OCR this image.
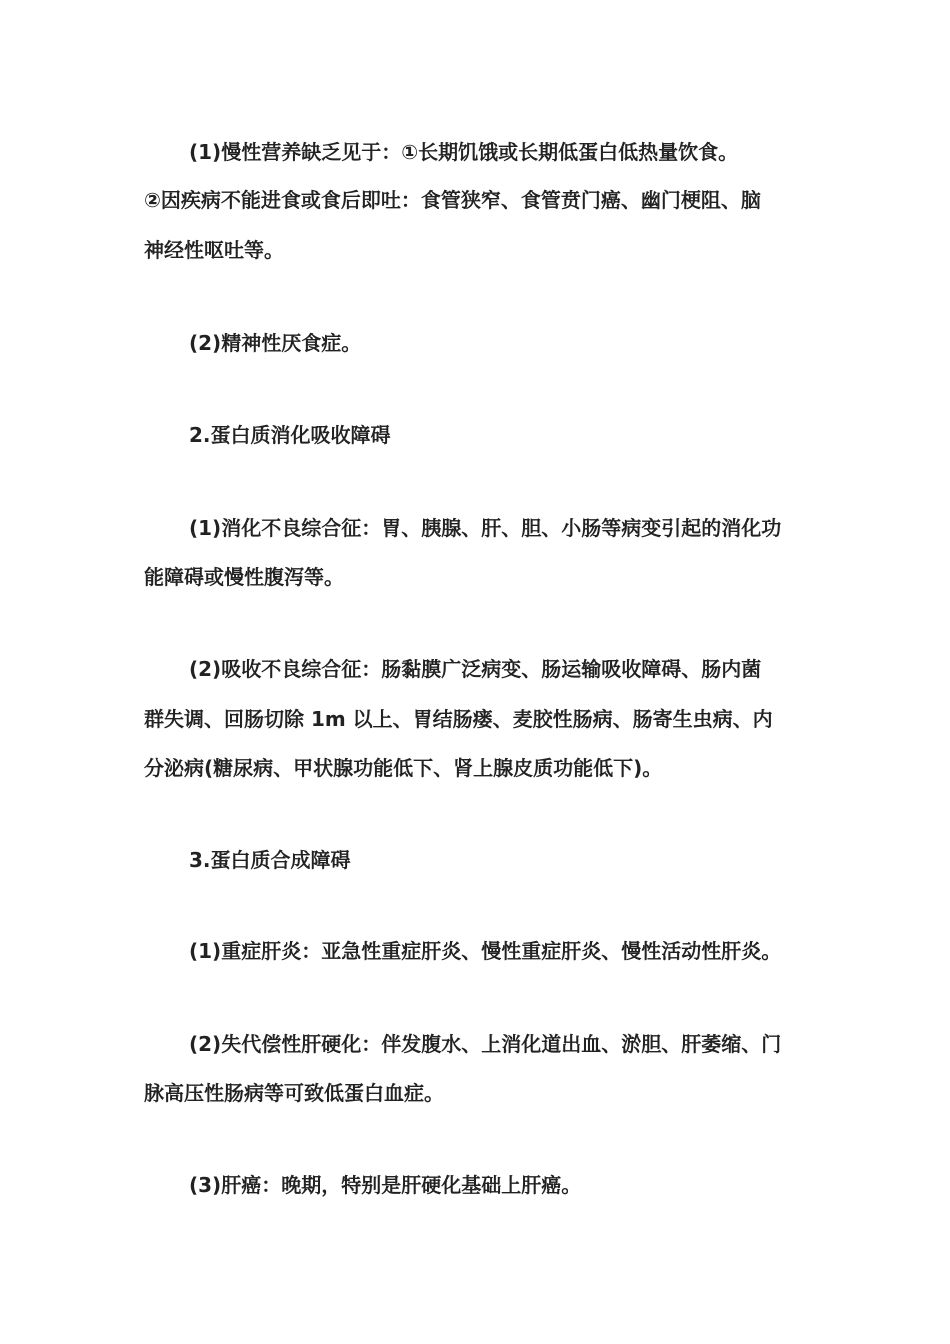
(1)慢性营养缺乏见于：①长期饥饿或长期低蛋白低热量饮食。
②因疾病不能进食或食后即吐：食管狭窄、食管贲门癌、幽门梗阻、脑
神经性呕吐等。
(2)精神性厌食症。
2.蛋白质消化吸收障碍
(1)消化不良综合征：胃、胰腺、肝、胆、小肠等病变引起的消化功
能障碍或慢性腹泻等。
(2)吸收不良综合征：肠黏膜广泛病变、肠运输吸收障碍、肠内菌
群失调、回肠切除 1m 以上、胃结肠瘘、麦胶性肠病、肠寄生虫病、内
分泌病(糖尿病、甲状腺功能低下、肾上腺皮质功能低下)。
3.蛋白质合成障碍
(1)重症肝炎：亚急性重症肝炎、慢性重症肝炎、慢性活动性肝炎。
(2)失代偿性肝硬化：伴发腹水、上消化道出血、淤胆、肝萎缩、门
脉高压性肠病等可致低蛋白血症。
(3)肝癌：晚期，特别是肝硬化基础上肝癌。
